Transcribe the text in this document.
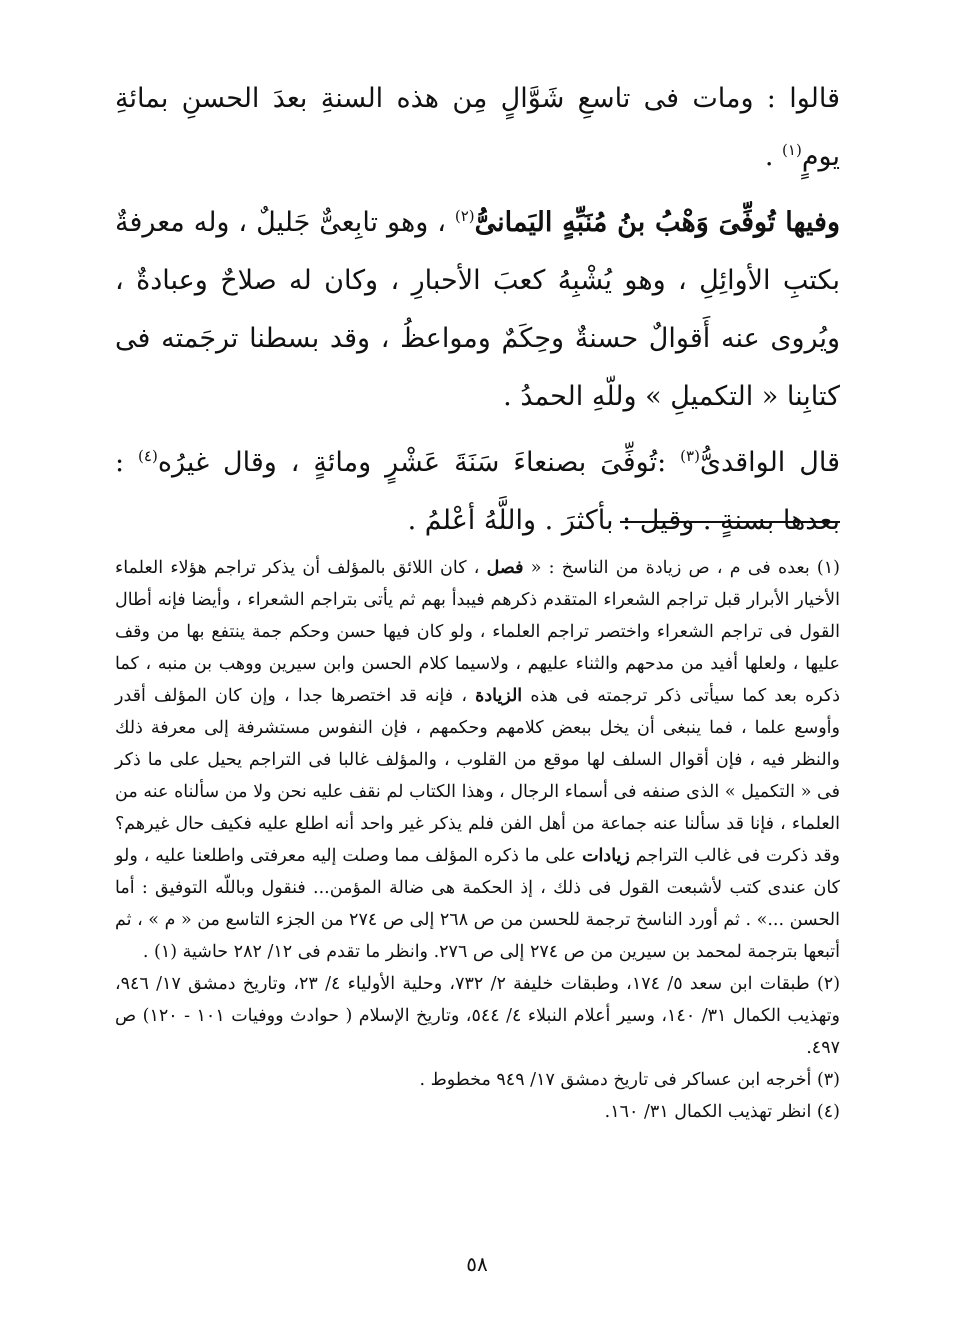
قالوا : ومات فى تاسعِ شَوَّالٍ مِن هذه السنةِ بعدَ الحسنِ بمائةِ يومٍ$^{(١)}$ .

وفيها تُوفِّىَ وَهْبُ بنُ مُنَبِّهٍ اليَمانىُّ$^{(٢)}$ ، وهو تابِعىٌّ جَليلٌ ، وله معرفةٌ بكتبِ الأوائِلِ ، وهو يُشْبِهُ كعبَ الأحبارِ ، وكان له صلاحٌ وعبادةٌ ، ويُروى عنه أَقوالٌ حسنةٌ وحِكَمٌ ومواعظُ ، وقد بسطنا ترجَمته فى كتابِنا « التكميلِ » وللّهِ الحمدُ .

قال الواقدىُّ$^{(٣)}$ :تُوفِّىَ بصنعاءَ سَنَةَ عَشْرٍ ومائةٍ ، وقال غيرُه$^{(٤)}$ : بعدها بسنةٍ . وقيل : بأكثرَ . واللَّهُ أعْلمُ .

(١) بعده فى م ، ص زيادة من الناسخ : « فصل ، كان اللائق بالمؤلف أن يذكر تراجم هؤلاء العلماء الأخيار الأبرار قبل تراجم الشعراء المتقدم ذكرهم فيبدأ بهم ثم يأتى بتراجم الشعراء ، وأيضا فإنه أطال القول فى تراجم الشعراء واختصر تراجم العلماء ، ولو كان فيها حسن وحكم جمة ينتفع بها من وقف عليها ، ولعلها أفيد من مدحهم والثناء عليهم ، ولاسيما كلام الحسن وابن سيرين ووهب بن منبه ، كما ذكره بعد كما سيأتى ذكر ترجمته فى هذه الزيادة ، فإنه قد اختصرها جدا ، وإن كان المؤلف أقدر وأوسع علما ، فما ينبغى أن يخل ببعض كلامهم وحكمهم ، فإن النفوس مستشرفة إلى معرفة ذلك والنظر فيه ، فإن أقوال السلف لها موقع من القلوب ، والمؤلف غالبا فى التراجم يحيل على ما ذكر فى « التكميل » الذى صنفه فى أسماء الرجال ، وهذا الكتاب لم نقف عليه نحن ولا من سألناه عنه من العلماء ، فإنا قد سألنا عنه جماعة من أهل الفن فلم يذكر غير واحد أنه اطلع عليه فكيف حال غيرهم؟ وقد ذكرت فى غالب التراجم زيادات على ما ذكره المؤلف مما وصلت إليه معرفتى واطلعنا عليه ، ولو كان عندى كتب لأشبعت القول فى ذلك ، إذ الحكمة هى ضالة المؤمن... فنقول وباللّه التوفيق : أما الحسن ...» . ثم أورد الناسخ ترجمة للحسن من ص ٢٦٨ إلى ص ٢٧٤ من الجزء التاسع من « م » ، ثم أتبعها بترجمة لمحمد بن سيرين من ص ٢٧٤ إلى ص ٢٧٦. وانظر ما تقدم فى ١٢/ ٢٨٢ حاشية (١) .

(٢) طبقات ابن سعد ٥/ ١٧٤، وطبقات خليفة ٢/ ٧٣٢، وحلية الأولياء ٤/ ٢٣، وتاريخ دمشق ١٧/ ٩٤٦، وتهذيب الكمال ٣١/ ١٤٠، وسير أعلام النبلاء ٤/ ٥٤٤، وتاريخ الإسلام ( حوادث ووفيات ١٠١ - ١٢٠) ص ٤٩٧.

(٣) أخرجه ابن عساكر فى تاريخ دمشق ١٧/ ٩٤٩ مخطوط .

(٤) انظر تهذيب الكمال ٣١/ ١٦٠.

٥٨
